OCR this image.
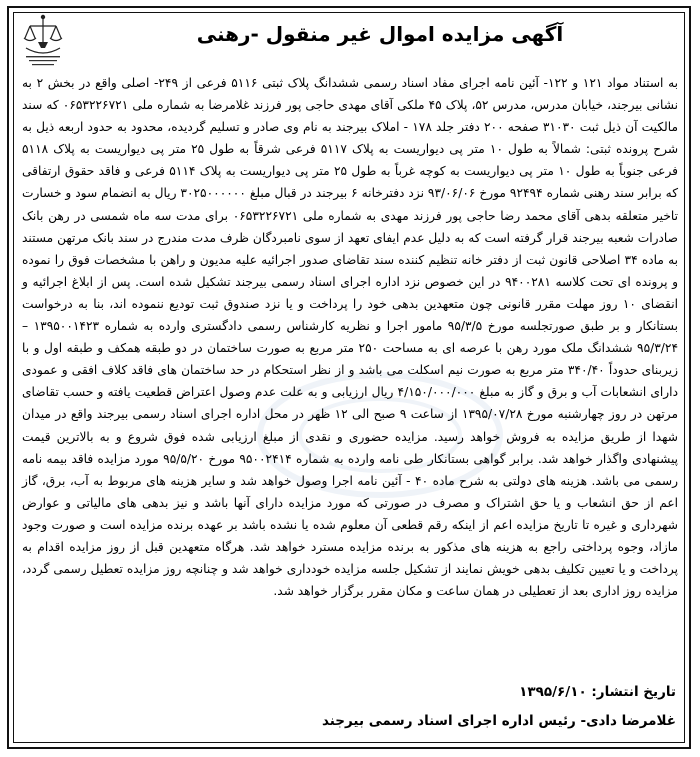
آگهی مزایده اموال غیر منقول -رهنی

به استناد مواد ۱۲۱ و ۱۲۲- آئین نامه اجرای مفاد اسناد رسمی ششدانگ پلاک ثبتی ۵۱۱۶ فرعی از ۲۴۹- اصلی واقع در بخش ۲ به نشانی بیرجند، خیابان مدرس، مدرس ۵۲، پلاک ۴۵ ملکی آقای مهدی حاجی پور فرزند غلامرضا به شماره ملی ۰۶۵۳۲۲۶۷۲۱ که سند مالکیت آن ذیل ثبت ۳۱۰۳۰ صفحه ۲۰۰ دفتر جلد ۱۷۸ - املاک بیرجند به نام وی صادر و تسلیم گردیده، محدود به حدود اربعه ذیل به شرح پرونده ثبتی: شمالاً به طول ۱۰ متر پی دیواریست به پلاک ۵۱۱۷ فرعی شرقاً به طول ۲۵ متر پی دیواریست به پلاک ۵۱۱۸ فرعی جنوباً به طول ۱۰ متر پی دیواریست به کوچه غرباً به طول ۲۵ متر پی دیواریست به پلاک ۵۱۱۴ فرعی و فاقد حقوق ارتفاقی که برابر سند رهنی شماره ۹۲۴۹۴ مورخ ۹۳/۰۶/۰۶ نزد دفترخانه ۶ بیرجند در قبال مبلغ ۳۰۲۵۰۰۰۰۰۰ ریال به انضمام سود و خسارت تاخیر متعلقه بدهی آقای محمد رضا حاجی پور فرزند مهدی به شماره ملی ۰۶۵۳۲۲۶۷۲۱ برای مدت سه ماه شمسی در رهن بانک صادرات شعبه بیرجند قرار گرفته است که به دلیل عدم ایفای تعهد از سوی نامبردگان ظرف مدت مندرج در سند بانک مرتهن مستند به ماده ۳۴ اصلاحی قانون ثبت از دفتر خانه تنظیم کننده سند تقاضای صدور اجرائیه علیه مدیون و راهن با مشخصات فوق را نموده و پرونده ای تحت کلاسه ۹۴۰۰۲۸۱ در این خصوص نزد اداره اجرای اسناد رسمی بیرجند تشکیل شده است. پس از ابلاغ اجرائیه و انقضای ۱۰ روز مهلت مقرر قانونی چون متعهدین بدهی خود را پرداخت و یا نزد صندوق ثبت تودیع ننموده اند، بنا به درخواست بستانکار و بر طبق صورتجلسه مورخ ۹۵/۳/۵ مامور اجرا و نظریه کارشناس رسمی دادگستری وارده به شماره ۱۳۹۵۰۰۱۴۲۳ – ۹۵/۳/۲۴ ششدانگ ملک مورد رهن با عرصه ای به مساحت ۲۵۰ متر مربع به صورت ساختمان در دو طبقه همکف و طبقه اول و با زیربنای حدوداً ۳۴۰/۴۰ متر مربع به صورت نیم اسکلت می باشد و از نظر استحکام در حد ساختمان های فاقد کلاف افقی و عمودی دارای انشعابات آب و برق و گاز به مبلغ ۴/۱۵۰/۰۰۰/۰۰۰ ریال ارزیابی و به علت عدم وصول اعتراض قطعیت یافته و حسب تقاضای مرتهن در روز چهارشنبه مورخ ۱۳۹۵/۰۷/۲۸ از ساعت ۹ صبح الی ۱۲ ظهر در محل اداره اجرای اسناد رسمی بیرجند واقع در میدان شهدا از طریق مزایده به فروش خواهد رسید. مزایده حضوری و نقدی از مبلغ ارزیابی شده فوق شروع و به بالاترین قیمت پیشنهادی واگذار خواهد شد. برابر گواهی بستانکار طی نامه وارده به شماره ۹۵۰۰۲۴۱۴ مورخ ۹۵/۵/۲۰ مورد مزایده فاقد بیمه نامه رسمی می باشد. هزینه های دولتی به شرح ماده ۴۰ - آئین نامه اجرا وصول خواهد شد و سایر هزینه های مربوط به آب، برق، گاز اعم از حق انشعاب و یا حق اشتراک و مصرف در صورتی که مورد مزایده دارای آنها باشد و نیز بدهی های مالیاتی و عوارض شهرداری و غیره تا تاریخ مزایده اعم از اینکه رقم قطعی آن معلوم شده یا نشده باشد بر عهده برنده مزایده است و صورت وجود مازاد، وجوه پرداختی راجع به هزینه های مذکور به برنده مزایده مسترد خواهد شد. هرگاه متعهدین قبل از روز مزایده اقدام به پرداخت و یا تعیین تکلیف بدهی خویش نمایند از تشکیل جلسه مزایده خودداری خواهد شد و چنانچه روز مزایده تعطیل رسمی گردد، مزایده روز اداری بعد از تعطیلی در همان ساعت و مکان مقرر برگزار خواهد شد.

تاریخ انتشار: ۱۳۹۵/۶/۱۰
غلامرضا دادی- رئیس اداره اجرای اسناد رسمی بیرجند
